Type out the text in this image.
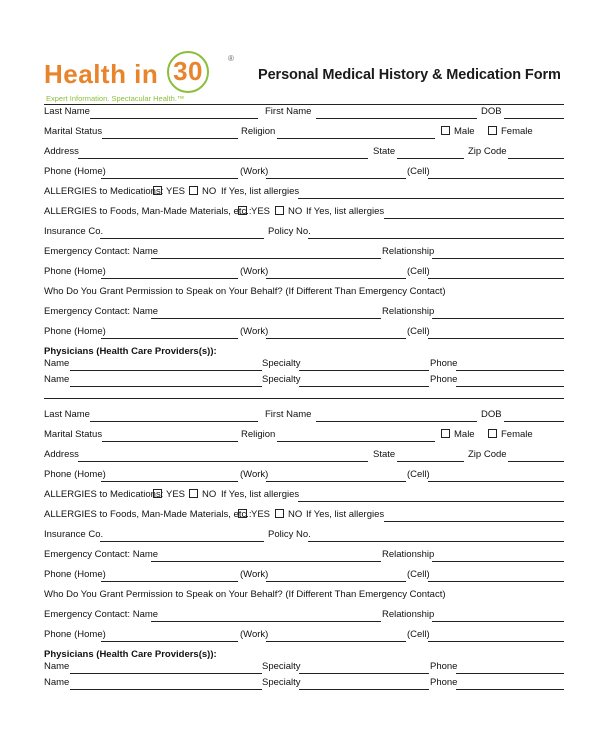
Health in 30	®
Expert Information. Spectacular Health.™
Personal Medical History & Medication Form
Last Name	First Name	DOB
Marital Status	Religion	Male	Female
Address	State	Zip Code
Phone (Home)	(Work)	(Cell)
ALLERGIES to Medications: YES	NO If Yes, list allergies
ALLERGIES to Foods, Man-Made Materials, etc.: YES	NO If Yes, list allergies
Insurance Co.	Policy No.
Emergency Contact: Name	Relationship
Phone (Home)	(Work)	(Cell)
Who Do You Grant Permission to Speak on Your Behalf? (If Different Than Emergency Contact)
Emergency Contact: Name	Relationship
Phone (Home)	(Work)	(Cell)
Physicians (Health Care Providers(s)):
Name	Specialty	Phone
Name	Specialty	Phone
Last Name	First Name	DOB
Marital Status	Religion	Male	Female
Address	State	Zip Code
Phone (Home)	(Work)	(Cell)
ALLERGIES to Medications: YES	NO If Yes, list allergies
ALLERGIES to Foods, Man-Made Materials, etc.: YES	NO If Yes, list allergies
Insurance Co.	Policy No.
Emergency Contact: Name	Relationship
Phone (Home)	(Work)	(Cell)
Who Do You Grant Permission to Speak on Your Behalf? (If Different Than Emergency Contact)
Emergency Contact: Name	Relationship
Phone (Home)	(Work)	(Cell)
Physicians (Health Care Providers(s)):
Name	Specialty	Phone
Name	Specialty	Phone
